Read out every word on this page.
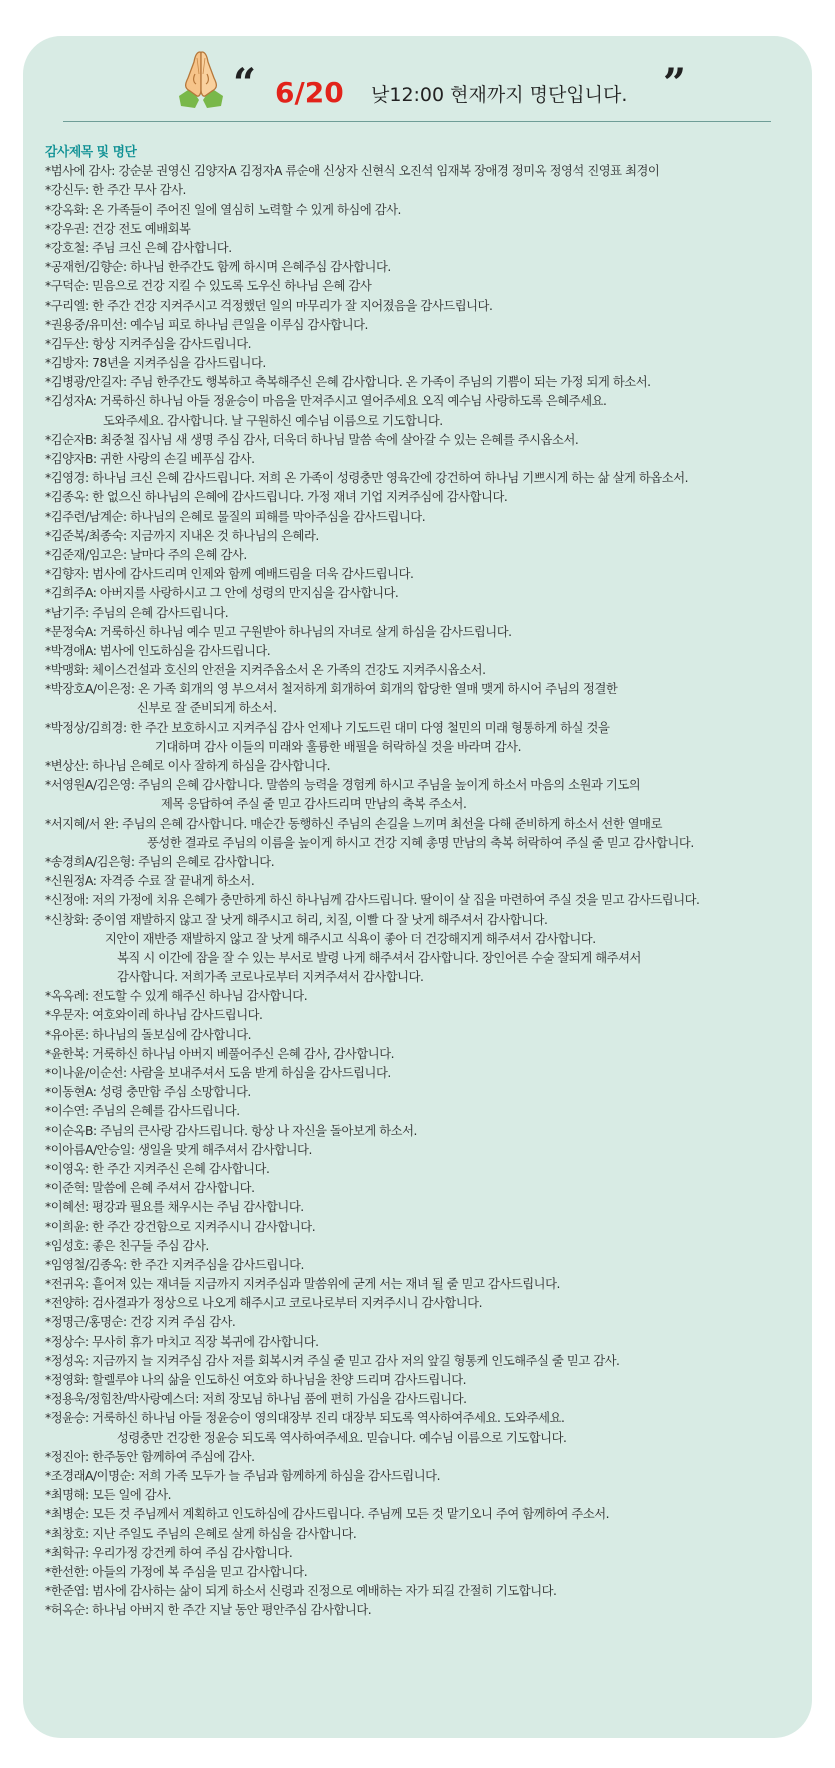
“ 6/20 낮12:00 현재까지 명단입니다. ”
감사제목 및 명단
*범사에 감사: 강순분 권영신 김양자A 김정자A 류순애 신상자 신현식 오진석 임재복 장애경 정미옥 정영석 진영표 최경이
*강신두: 한 주간 무사 감사.
*강옥화: 온 가족들이 주어진 일에 열심히 노력할 수 있게 하심에 감사.
*강우권: 건강 전도 예배회복
*강호철: 주님 크신 은혜 감사합니다.
*공재헌/김향순: 하나님 한주간도 함께 하시며 은혜주심 감사합니다.
*구덕순: 믿음으로 건강 지킬 수 있도록 도우신 하나님 은혜 감사
*구리엘: 한 주간 건강 지켜주시고 걱정했던 일의 마무리가 잘 지어졌음을 감사드립니다.
*권용중/유미선: 예수님 피로 하나님 큰일을 이루심 감사합니다.
*김두산: 항상 지켜주심을 감사드립니다.
*김방자: 78년을 지켜주심을 감사드립니다.
*김병광/안길자: 주님 한주간도 행복하고 축복해주신 은혜 감사합니다. 온 가족이 주님의 기쁨이 되는 가정 되게 하소서.
*김성자A: 거룩하신 하나님 아들 정윤승이 마음을 만져주시고 열어주세요 오직 예수님 사랑하도록 은혜주세요.
도와주세요. 감사합니다. 날 구원하신 예수님 이름으로 기도합니다.
*김순자B: 최중철 집사님 새 생명 주심 감사, 더욱더 하나님 말씀 속에 살아갈 수 있는 은혜를 주시옵소서.
*김양자B: 귀한 사랑의 손길 베푸심 감사.
*김영경: 하나님 크신 은혜 감사드립니다. 저희 온 가족이 성령충만 영육간에 강건하여 하나님 기쁘시게 하는 삶 살게 하옵소서.
*김종옥: 한 없으신 하나님의 은혜에 감사드립니다. 가정 재녀 기업 지켜주심에 감사합니다.
*김주련/남계순: 하나님의 은혜로 물질의 피해를 막아주심을 감사드립니다.
*김준복/최종숙: 지금까지 지내온 것 하나님의 은혜라.
*김준재/임고은: 날마다 주의 은혜 감사.
*김향자: 범사에 감사드리며 인제와 함께 예배드림을 더욱 감사드립니다.
*김희주A: 아버지를 사랑하시고 그 안에 성령의 만지심을 감사합니다.
*남기주: 주님의 은혜 감사드립니다.
*문정숙A: 거룩하신 하나님 예수 믿고 구원받아 하나님의 자녀로 살게 하심을 감사드립니다.
*박경애A: 범사에 인도하심을 감사드립니다.
*박맹화: 체이스건설과 호신의 안전을 지켜주옵소서 온 가족의 건강도 지켜주시옵소서.
*박장호A/이은정: 온 가족 회개의 영 부으셔서 철저하게 회개하여 회개의 합당한 열매 맺게 하시어 주님의 정결한
신부로 잘 준비되게 하소서.
*박정상/김희경: 한 주간 보호하시고 지켜주심 감사 언제나 기도드린 대미 다영 철민의 미래 형통하게 하실 것을
기대하며 감사 이들의 미래와 훌륭한 배필을 허락하실 것을 바라며 감사.
*변상산: 하나님 은혜로 이사 잘하게 하심을 감사합니다.
*서영원A/김은영: 주님의 은혜 감사합니다. 말씀의 능력을 경험케 하시고 주님을 높이게 하소서 마음의 소원과 기도의
제목 응답하여 주실 줄 믿고 감사드리며 만남의 축복 주소서.
*서지혜/서 완: 주님의 은혜 감사합니다. 매순간 동행하신 주님의 손길을 느끼며 최선을 다해 준비하게 하소서 선한 열매로
풍성한 결과로 주님의 이름을 높이게 하시고 건강 지혜 총명 만남의 축복 허락하여 주실 줄 믿고 감사합니다.
*송경희A/김은형: 주님의 은혜로 감사합니다.
*신원정A: 자격증 수료 잘 끝내게 하소서.
*신정애: 저의 가정에 치유 은혜가 충만하게 하신 하나님께 감사드립니다. 딸이이 살 집을 마련하여 주실 것을 믿고 감사드립니다.
*신창화: 중이염 재발하지 않고 잘 낫게 해주시고 허리, 치질, 이빨 다 잘 낫게 해주셔서 감사합니다.
지안이 재반증 재발하지 않고 잘 낫게 해주시고 식욕이 좋아 더 건강해지게 해주셔서 감사합니다.
복직 시 이간에 잠을 잘 수 있는 부서로 발령 나게 해주셔서 감사합니다. 장인어른 수술 잘되게 해주셔서
감사합니다. 저희가족 코로나로부터 지켜주셔서 감사합니다.
*옥옥례: 전도할 수 있게 해주신 하나님 감사합니다.
*우문자: 여호와이레 하나님 감사드립니다.
*유아론: 하나님의 돌보심에 감사합니다.
*윤한복: 거룩하신 하나님 아버지 베풀어주신 은혜 감사, 감사합니다.
*이나윤/이순선: 사람을 보내주셔서 도움 받게 하심을 감사드립니다.
*이동현A: 성령 충만함 주심 소망합니다.
*이수연: 주님의 은혜를 감사드립니다.
*이순옥B: 주님의 큰사랑 감사드립니다. 항상 나 자신을 돌아보게 하소서.
*이아름A/안승일: 생일을 맞게 해주셔서 감사합니다.
*이영옥: 한 주간 지켜주신 은혜 감사합니다.
*이준혁: 말씀에 은혜 주셔서 감사합니다.
*이혜선: 평강과 필요를 채우시는 주님 감사합니다.
*이희윤: 한 주간 강건함으로 지켜주시니 감사합니다.
*임성호: 좋은 친구들 주심 감사.
*임영철/김종옥: 한 주간 지켜주심을 감사드립니다.
*전귀옥: 흩어져 있는 재녀들 지금까지 지켜주심과 말씀위에 굳게 서는 재녀 될 줄 믿고 감사드립니다.
*전양하: 검사결과가 정상으로 나오게 해주시고 코로나로부터 지켜주시니 감사합니다.
*정명근/홍명순: 건강 지켜 주심 감사.
*정상수: 무사히 휴가 마치고 직장 복귀에 감사합니다.
*정성옥: 지금까지 늘 지켜주심 감사 저를 회복시켜 주실 줄 믿고 감사 저의 앞길 형통케 인도해주실 줄 믿고 감사.
*정영화: 할렐루야 나의 삶을 인도하신 여호와 하나님을 찬양 드리며 감사드립니다.
*정용욱/정힘찬/박사랑예스더: 저희 장모님 하나님 품에 편히 가심을 감사드립니다.
*정윤승: 거룩하신 하나님 아들 정윤승이 영의대장부 진리 대장부 되도록 역사하여주세요. 도와주세요.
성령충만 건강한 정윤승 되도록 역사하여주세요. 믿습니다. 예수님 이름으로 기도합니다.
*정진아: 한주동안 함께하여 주심에 감사.
*조경래A/이명순: 저희 가족 모두가 늘 주님과 함께하게 하심을 감사드립니다.
*최명해: 모든 일에 감사.
*최병순: 모든 것 주님께서 계획하고 인도하심에 감사드립니다. 주님께 모든 것 맡기오니 주여 함께하여 주소서.
*최창호: 지난 주일도 주님의 은혜로 살게 하심을 감사합니다.
*최학규: 우리가정 강건케 하여 주심 감사합니다.
*한선한: 아들의 가정에 복 주심을 믿고 감사합니다.
*한준엽: 범사에 감사하는 삶이 되게 하소서 신령과 진정으로 예배하는 자가 되길 간절히 기도합니다.
*허옥순: 하나님 아버지 한 주간 지날 동안 평안주심 감사합니다.
